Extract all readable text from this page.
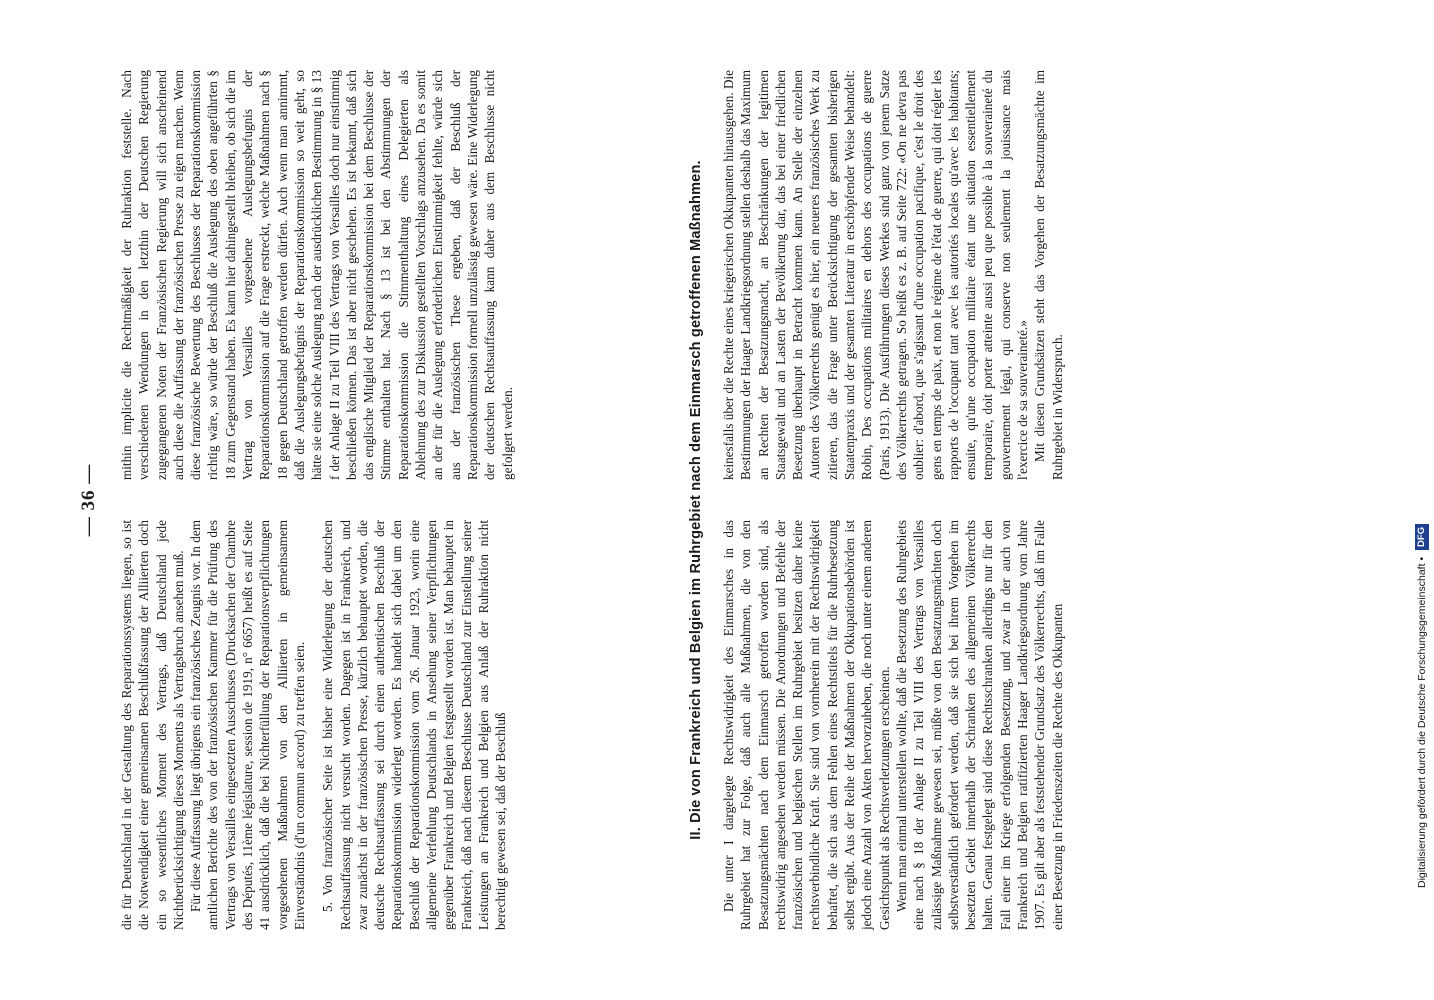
— 36 —

die für Deutschland in der Gestaltung des Reparationssystems liegen, so ist die Notwendigkeit einer gemeinsamen Beschlußfassung der Alliierten doch ein so wesentliches Moment des Vertrags, daß Deutschland jede Nichtberücksichtigung dieses Moments als Vertragsbruch ansehen muß. Für diese Auffassung liegt übrigens ein französisches Zeugnis vor. In dem amtlichen Berichte des von der französischen Kammer für die Prüfung des Vertrags von Versailles eingesetzten Ausschusses (Drucksachen der Chambre des Députés, 11ème législature, session de 1919, n° 6657) heißt es auf Seite 41 ausdrücklich, daß die bei Nichterfüllung der Reparationsverpflichtungen vorgesehenen Maßnahmen von den Alliierten in gemeinsamem Einverständnis (d'un commun accord) zu treffen seien. 5. Von französischer Seite ist bisher eine Widerlegung der deutschen Rechtsauffassung nicht versucht worden. Dagegen ist in Frankreich, und zwar zunächst in der französischen Presse, kürzlich behauptet worden, die deutsche Rechtsauffassung sei durch einen authentischen Beschluß der Reparationskommission widerlegt worden. Es handelt sich dabei um den Beschluß der Reparationskommission vom 26. Januar 1923, worin eine allgemeine Verfehlung Deutschlands in Ansehung seiner Verpflichtungen gegenüber Frankreich und Belgien festgestellt worden ist. Man behauptet in Frankreich, daß nach diesem Beschlusse Deutschland zur Einstellung seiner Leistungen an Frankreich und Belgien aus Anlaß der Ruhraktion nicht berechtigt gewesen sei, daß der Beschluß

mithin implicite die Rechtmäßigkeit der Ruhraktion feststelle. Nach verschiedenen Wendungen in den letzthin der Deutschen Regierung zugegangenen Noten der Französischen Regierung will sich anscheinend auch diese die Auffassung der französischen Presse zu eigen machen. Wenn diese französische Bewertung des Beschlusses der Reparationskommission richtig wäre, so würde der Beschluß die Auslegung des oben angeführten § 18 zum Gegenstand haben. Es kann hier dahingestellt bleiben, ob sich die im Vertrag von Versailles vorgesehene Auslegungsbefugnis der Reparationskommission auf die Frage erstreckt, welche Maßnahmen nach § 18 gegen Deutschland getroffen werden dürfen. Auch wenn man annimmt, daß die Auslegungsbefugnis der Reparationskommission so weit geht, so hätte sie eine solche Auslegung nach der ausdrücklichen Bestimmung in § 13 f der Anlage II zu Teil VIII des Vertrags von Versailles doch nur einstimmig beschließen können. Das ist aber nicht geschehen. Es ist bekannt, daß sich das englische Mitglied der Reparationskommission bei dem Beschlusse der Stimme enthalten hat. Nach § 13 ist bei den Abstimmungen der Reparationskommission die Stimmenthaltung eines Delegierten als Ablehnung des zur Diskussion gestellten Vorschlags anzusehen. Da es somit an der für die Auslegung erforderlichen Einstimmigkeit fehlte, würde sich aus der französischen These ergeben, daß der Beschluß der Reparationskommission formell unzulässig gewesen wäre. Eine Widerlegung der deutschen Rechtsauffassung kann daher aus dem Beschlusse nicht gefolgert werden.	II. Die von Frankreich und Belgien im Ruhrgebiet nach dem Einmarsch getroffenen Maßnahmen. Die unter I dargelegte Rechtswidrigkeit des Einmarsches in das Ruhrgebiet hat zur Folge, daß auch alle Maßnahmen, die von den Besatzungsmächten nach dem Einmarsch getroffen worden sind, als rechtswidrig angesehen werden müssen. Die Anordnungen und Befehle der französischen und belgischen Stellen im Ruhrgebiet besitzen daher keine rechtsverbindliche Kraft. Sie sind von vornherein mit der Rechtswidrigkeit behaftet, die sich aus dem Fehlen eines Rechtstitels für die Ruhrbesetzung selbst ergibt. Aus der Reihe der Maßnahmen der Okkupationsbehörden ist jedoch eine Anzahl von Akten hervorzuheben, die noch unter einem anderen Gesichtspunkt als Rechtsverletzungen erscheinen. Wenn man einmal unterstellen wollte, daß die Besetzung des Ruhrgebiets eine nach § 18 der Anlage II zu Teil VIII des Vertrags von Versailles zulässige Maßnahme gewesen sei, müßte von den Besatzungsmächten doch selbstverständlich gefordert werden, daß sie sich bei ihrem Vorgehen im besetzten Gebiet innerhalb der Schranken des allgemeinen Völkerrechts halten. Genau festgelegt sind diese Rechtsschranken allerdings nur für den Fall einer im Kriege erfolgenden Besetzung, und zwar in der auch von Frankreich und Belgien ratifizierten Haager Landkriegsordnung vom Jahre 1907. Es gilt aber als feststehender Grundsatz des Völkerrechts, daß im Falle einer Besetzung in Friedenszeiten die Rechte des Okkupanten

keinesfalls über die Rechte eines kriegerischen Okkupanten hinausgehen. Die Bestimmungen der Haager Landkriegsordnung stellen deshalb das Maximum an Rechten der Besatzungsmacht, an Beschränkungen der legitimen Staatsgewalt und an Lasten der Bevölkerung dar, das bei einer friedlichen Besetzung überhaupt in Betracht kommen kann. An Stelle der einzelnen Autoren des Völkerrechts genügt es hier, ein neueres französisches Werk zu zitieren, das die Frage unter Berücksichtigung der gesamten bisherigen Staatenpraxis und der gesamten Literatur in erschöpfender Weise behandelt: Robin, Des occupations militaires en dehors des occupations de guerre (Paris, 1913). Die Ausführungen dieses Werkes sind ganz von jenem Satze des Völkerrechts getragen. So heißt es z. B. auf Seite 722: «On ne devra pas oublier: d'abord, que s'agissant d'une occupation pacifique, c'est le droit des gens en temps de paix, et non le régime de l'état de guerre, qui doit régler les rapports de l'occupant tant avec les autorités locales qu'avec les habitants; ensuite, qu'une occupation militaire étant une situation essentiellement temporaire, doit porter atteinte aussi peu que possible à la souveraineté du gouvernement légal, qui conserve non seulement la jouissance mais l'exercice de sa souveraineté.» Mit diesen Grundsätzen steht das Vorgehen der Besatzungsmächte im Ruhrgebiet in Widerspruch.

Digitalisierung gefördert durch die Deutsche Forschungsgemeinschaft • DFG
